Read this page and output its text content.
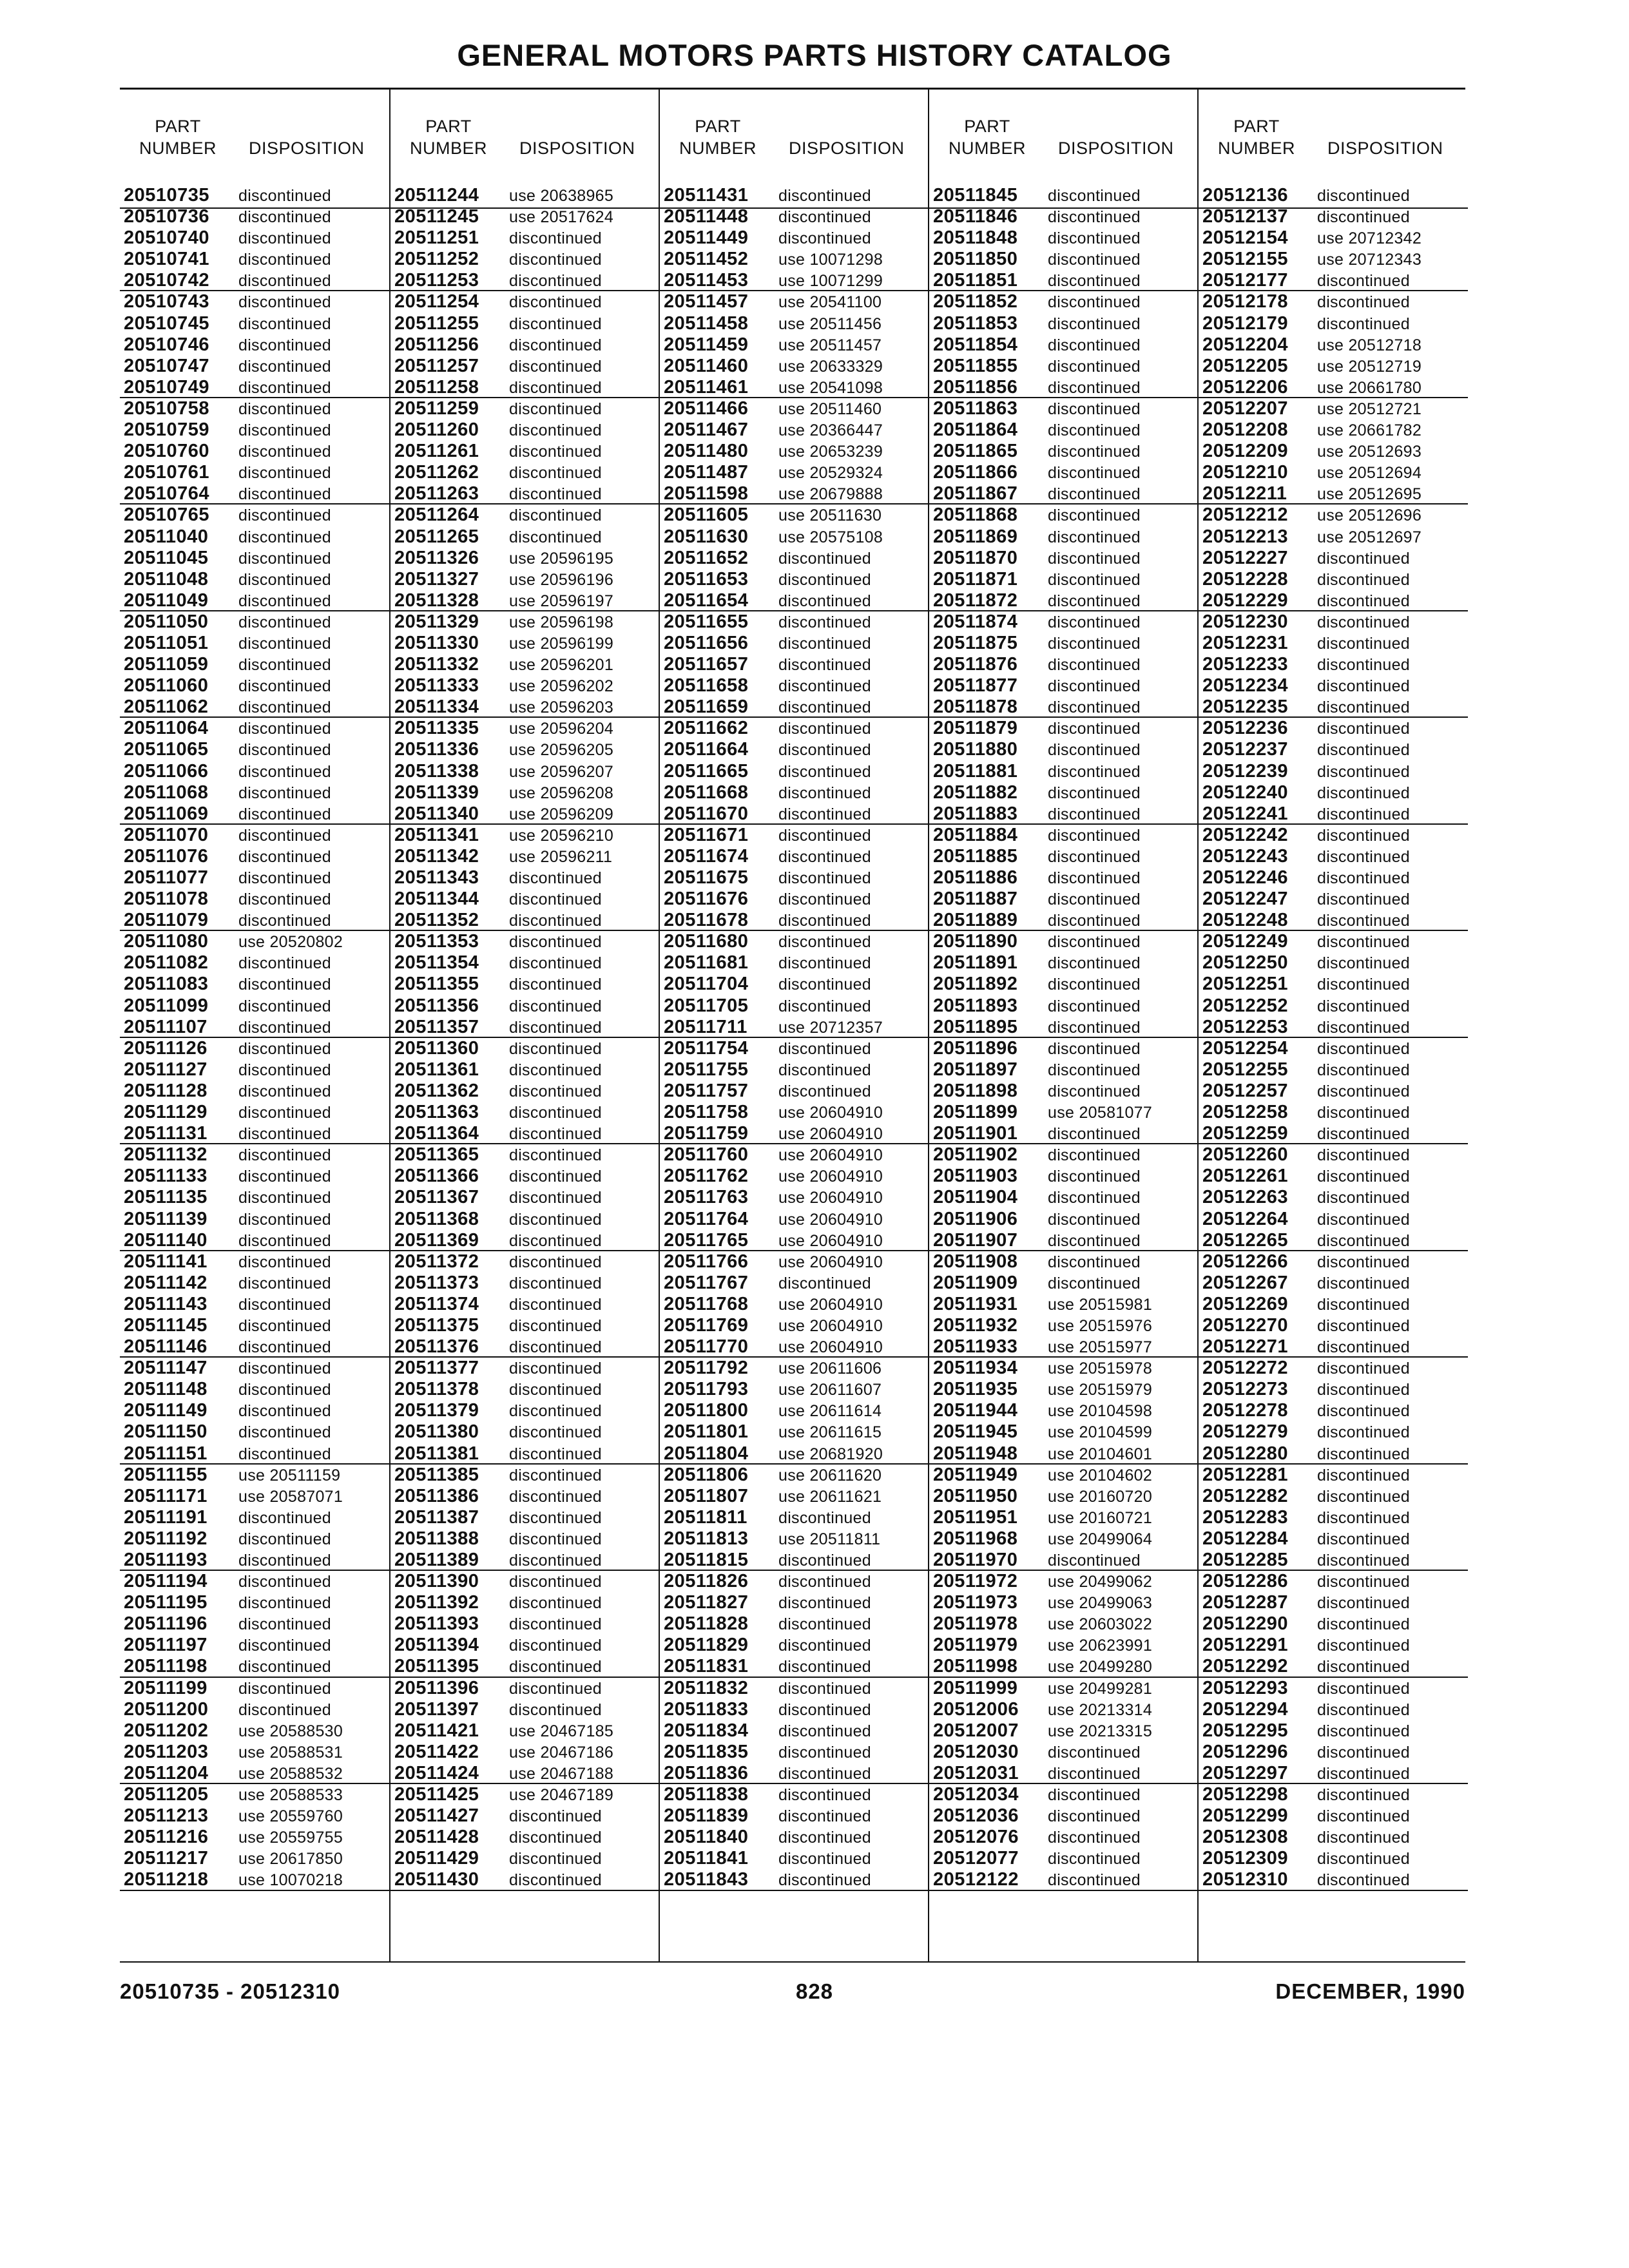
GENERAL MOTORS PARTS HISTORY CATALOG
PART
NUMBER	DISPOSITION
20510735 discontinued
20510736 discontinued
20510740 discontinued
20510741 discontinued
20510742 discontinued
20510743 discontinued
20510745 discontinued
20510746 discontinued
20510747 discontinued
20510749 discontinued
20510758 discontinued
20510759 discontinued
20510760 discontinued
20510761 discontinued
20510764 discontinued
20510765 discontinued
20511040 discontinued
20511045 discontinued
20511048 discontinued
20511049 discontinued
20511050 discontinued
20511051 discontinued
20511059 discontinued
20511060 discontinued
20511062 discontinued
20511064 discontinued
20511065 discontinued
20511066 discontinued
20511068 discontinued
20511069 discontinued
20511070 discontinued
20511076 discontinued
20511077 discontinued
20511078 discontinued
20511079 discontinued
20511080 use 20520802
20511082 discontinued
20511083 discontinued
20511099 discontinued
20511107 discontinued
20511126 discontinued
20511127 discontinued
20511128 discontinued
20511129 discontinued
20511131 discontinued
20511132 discontinued
20511133 discontinued
20511135 discontinued
20511139 discontinued
20511140 discontinued
20511141 discontinued
20511142 discontinued
20511143 discontinued
20511145 discontinued
20511146 discontinued
20511147 discontinued
20511148 discontinued
20511149 discontinued
20511150 discontinued
20511151 discontinued
20511155 use 20511159
20511171 use 20587071
20511191 discontinued
20511192 discontinued
20511193 discontinued
20511194 discontinued
20511195 discontinued
20511196 discontinued
20511197 discontinued
20511198 discontinued
20511199 discontinued
20511200 discontinued
20511202 use 20588530
20511203 use 20588531
20511204 use 20588532
20511205 use 20588533
20511213 use 20559760
20511216 use 20559755
20511217 use 20617850
20511218 use 10070218
PART
NUMBER	DISPOSITION
20511244 use 20638965
20511245 use 20517624
20511251 discontinued
20511252 discontinued
20511253 discontinued
20511254 discontinued
20511255 discontinued
20511256 discontinued
20511257 discontinued
20511258 discontinued
20511259 discontinued
20511260 discontinued
20511261 discontinued
20511262 discontinued
20511263 discontinued
20511264 discontinued
20511265 discontinued
20511326 use 20596195
20511327 use 20596196
20511328 use 20596197
20511329 use 20596198
20511330 use 20596199
20511332 use 20596201
20511333 use 20596202
20511334 use 20596203
20511335 use 20596204
20511336 use 20596205
20511338 use 20596207
20511339 use 20596208
20511340 use 20596209
20511341 use 20596210
20511342 use 20596211
20511343 discontinued
20511344 discontinued
20511352 discontinued
20511353 discontinued
20511354 discontinued
20511355 discontinued
20511356 discontinued
20511357 discontinued
20511360 discontinued
20511361 discontinued
20511362 discontinued
20511363 discontinued
20511364 discontinued
20511365 discontinued
20511366 discontinued
20511367 discontinued
20511368 discontinued
20511369 discontinued
20511372 discontinued
20511373 discontinued
20511374 discontinued
20511375 discontinued
20511376 discontinued
20511377 discontinued
20511378 discontinued
20511379 discontinued
20511380 discontinued
20511381 discontinued
20511385 discontinued
20511386 discontinued
20511387 discontinued
20511388 discontinued
20511389 discontinued
20511390 discontinued
20511392 discontinued
20511393 discontinued
20511394 discontinued
20511395 discontinued
20511396 discontinued
20511397 discontinued
20511421 use 20467185
20511422 use 20467186
20511424 use 20467188
20511425 use 20467189
20511427 discontinued
20511428 discontinued
20511429 discontinued
20511430 discontinued
PART
NUMBER	DISPOSITION
20511431 discontinued
20511448 discontinued
20511449 discontinued
20511452 use 10071298
20511453 use 10071299
20511457 use 20541100
20511458 use 20511456
20511459 use 20511457
20511460 use 20633329
20511461 use 20541098
20511466 use 20511460
20511467 use 20366447
20511480 use 20653239
20511487 use 20529324
20511598 use 20679888
20511605 use 20511630
20511630 use 20575108
20511652 discontinued
20511653 discontinued
20511654 discontinued
20511655 discontinued
20511656 discontinued
20511657 discontinued
20511658 discontinued
20511659 discontinued
20511662 discontinued
20511664 discontinued
20511665 discontinued
20511668 discontinued
20511670 discontinued
20511671 discontinued
20511674 discontinued
20511675 discontinued
20511676 discontinued
20511678 discontinued
20511680 discontinued
20511681 discontinued
20511704 discontinued
20511705 discontinued
20511711 use 20712357
20511754 discontinued
20511755 discontinued
20511757 discontinued
20511758 use 20604910
20511759 use 20604910
20511760 use 20604910
20511762 use 20604910
20511763 use 20604910
20511764 use 20604910
20511765 use 20604910
20511766 use 20604910
20511767 discontinued
20511768 use 20604910
20511769 use 20604910
20511770 use 20604910
20511792 use 20611606
20511793 use 20611607
20511800 use 20611614
20511801 use 20611615
20511804 use 20681920
20511806 use 20611620
20511807 use 20611621
20511811 discontinued
20511813 use 20511811
20511815 discontinued
20511826 discontinued
20511827 discontinued
20511828 discontinued
20511829 discontinued
20511831 discontinued
20511832 discontinued
20511833 discontinued
20511834 discontinued
20511835 discontinued
20511836 discontinued
20511838 discontinued
20511839 discontinued
20511840 discontinued
20511841 discontinued
20511843 discontinued
PART
NUMBER	DISPOSITION
20511845 discontinued
20511846 discontinued
20511848 discontinued
20511850 discontinued
20511851 discontinued
20511852 discontinued
20511853 discontinued
20511854 discontinued
20511855 discontinued
20511856 discontinued
20511863 discontinued
20511864 discontinued
20511865 discontinued
20511866 discontinued
20511867 discontinued
20511868 discontinued
20511869 discontinued
20511870 discontinued
20511871 discontinued
20511872 discontinued
20511874 discontinued
20511875 discontinued
20511876 discontinued
20511877 discontinued
20511878 discontinued
20511879 discontinued
20511880 discontinued
20511881 discontinued
20511882 discontinued
20511883 discontinued
20511884 discontinued
20511885 discontinued
20511886 discontinued
20511887 discontinued
20511889 discontinued
20511890 discontinued
20511891 discontinued
20511892 discontinued
20511893 discontinued
20511895 discontinued
20511896 discontinued
20511897 discontinued
20511898 discontinued
20511899 use 20581077
20511901 discontinued
20511902 discontinued
20511903 discontinued
20511904 discontinued
20511906 discontinued
20511907 discontinued
20511908 discontinued
20511909 discontinued
20511931 use 20515981
20511932 use 20515976
20511933 use 20515977
20511934 use 20515978
20511935 use 20515979
20511944 use 20104598
20511945 use 20104599
20511948 use 20104601
20511949 use 20104602
20511950 use 20160720
20511951 use 20160721
20511968 use 20499064
20511970 discontinued
20511972 use 20499062
20511973 use 20499063
20511978 use 20603022
20511979 use 20623991
20511998 use 20499280
20511999 use 20499281
20512006 use 20213314
20512007 use 20213315
20512030 discontinued
20512031 discontinued
20512034 discontinued
20512036 discontinued
20512076 discontinued
20512077 discontinued
20512122 discontinued
PART
NUMBER	DISPOSITION
20512136 discontinued
20512137 discontinued
20512154 use 20712342
20512155 use 20712343
20512177 discontinued
20512178 discontinued
20512179 discontinued
20512204 use 20512718
20512205 use 20512719
20512206 use 20661780
20512207 use 20512721
20512208 use 20661782
20512209 use 20512693
20512210 use 20512694
20512211 use 20512695
20512212 use 20512696
20512213 use 20512697
20512227 discontinued
20512228 discontinued
20512229 discontinued
20512230 discontinued
20512231 discontinued
20512233 discontinued
20512234 discontinued
20512235 discontinued
20512236 discontinued
20512237 discontinued
20512239 discontinued
20512240 discontinued
20512241 discontinued
20512242 discontinued
20512243 discontinued
20512246 discontinued
20512247 discontinued
20512248 discontinued
20512249 discontinued
20512250 discontinued
20512251 discontinued
20512252 discontinued
20512253 discontinued
20512254 discontinued
20512255 discontinued
20512257 discontinued
20512258 discontinued
20512259 discontinued
20512260 discontinued
20512261 discontinued
20512263 discontinued
20512264 discontinued
20512265 discontinued
20512266 discontinued
20512267 discontinued
20512269 discontinued
20512270 discontinued
20512271 discontinued
20512272 discontinued
20512273 discontinued
20512278 discontinued
20512279 discontinued
20512280 discontinued
20512281 discontinued
20512282 discontinued
20512283 discontinued
20512284 discontinued
20512285 discontinued
20512286 discontinued
20512287 discontinued
20512290 discontinued
20512291 discontinued
20512292 discontinued
20512293 discontinued
20512294 discontinued
20512295 discontinued
20512296 discontinued
20512297 discontinued
20512298 discontinued
20512299 discontinued
20512308 discontinued
20512309 discontinued
20512310 discontinued
20510735 - 20512310	828	DECEMBER, 1990
